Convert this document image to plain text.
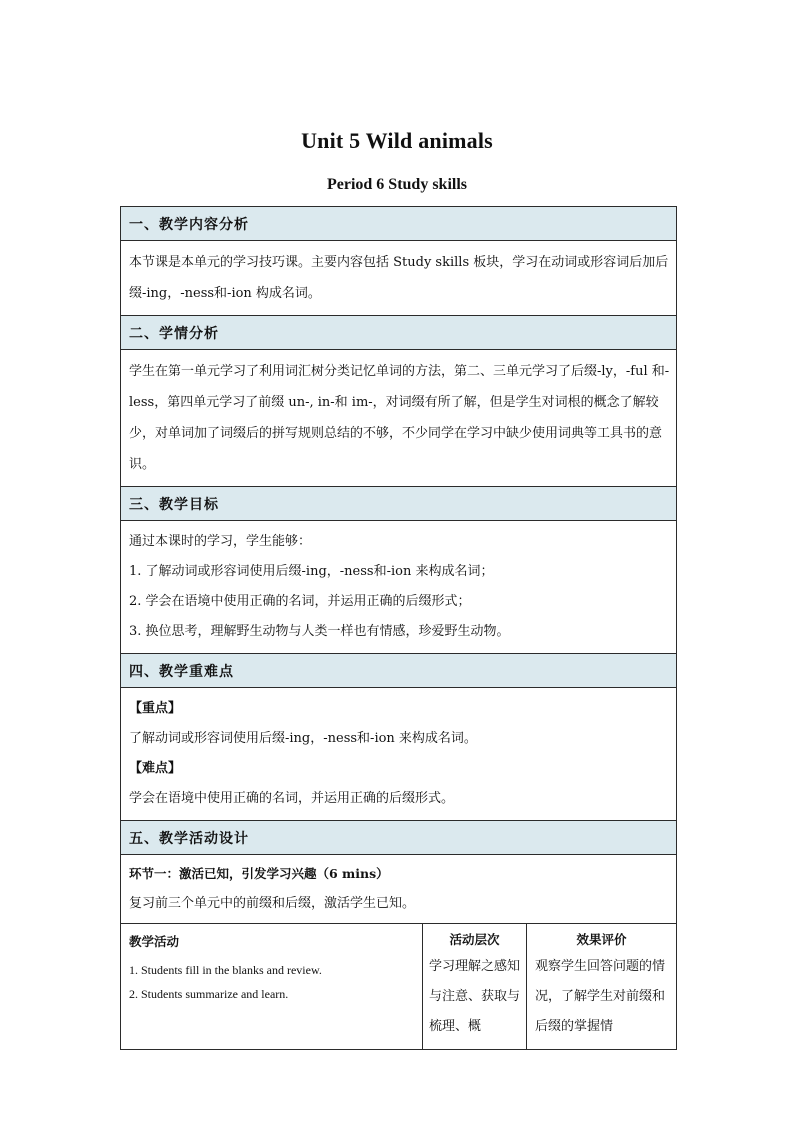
Unit 5 Wild animals
Period 6 Study skills
一、教学内容分析

本节课是本单元的学习技巧课。主要内容包括 Study skills 板块，学习在动词或形容词后加后缀-ing，-ness和-ion 构成名词。

二、学情分析

学生在第一单元学习了利用词汇树分类记忆单词的方法，第二、三单元学习了后缀-ly，-ful 和-less，第四单元学习了前缀 un-, in-和 im-，对词缀有所了解，但是学生对词根的概念了解较少，对单词加了词缀后的拼写规则总结的不够，不少同学在学习中缺少使用词典等工具书的意识。

三、教学目标

通过本课时的学习，学生能够：

1. 了解动词或形容词使用后缀-ing，-ness和-ion 来构成名词；

2. 学会在语境中使用正确的名词，并运用正确的后缀形式；

3. 换位思考，理解野生动物与人类一样也有情感，珍爱野生动物。

四、教学重难点

【重点】

了解动词或形容词使用后缀-ing，-ness和-ion 来构成名词。

【难点】

学会在语境中使用正确的名词，并运用正确的后缀形式。

五、教学活动设计
环节一：激活已知，引发学习兴趣（6 mins）
复习前三个单元中的前缀和后缀，激活学生已知。
教学活动
1. Students fill in the blanks and review.
2. Students summarize and learn.
活动层次
学习理解之感知与注意、获取与梳理、概
效果评价
观察学生回答问题的情况，了解学生对前缀和后缀的掌握情
